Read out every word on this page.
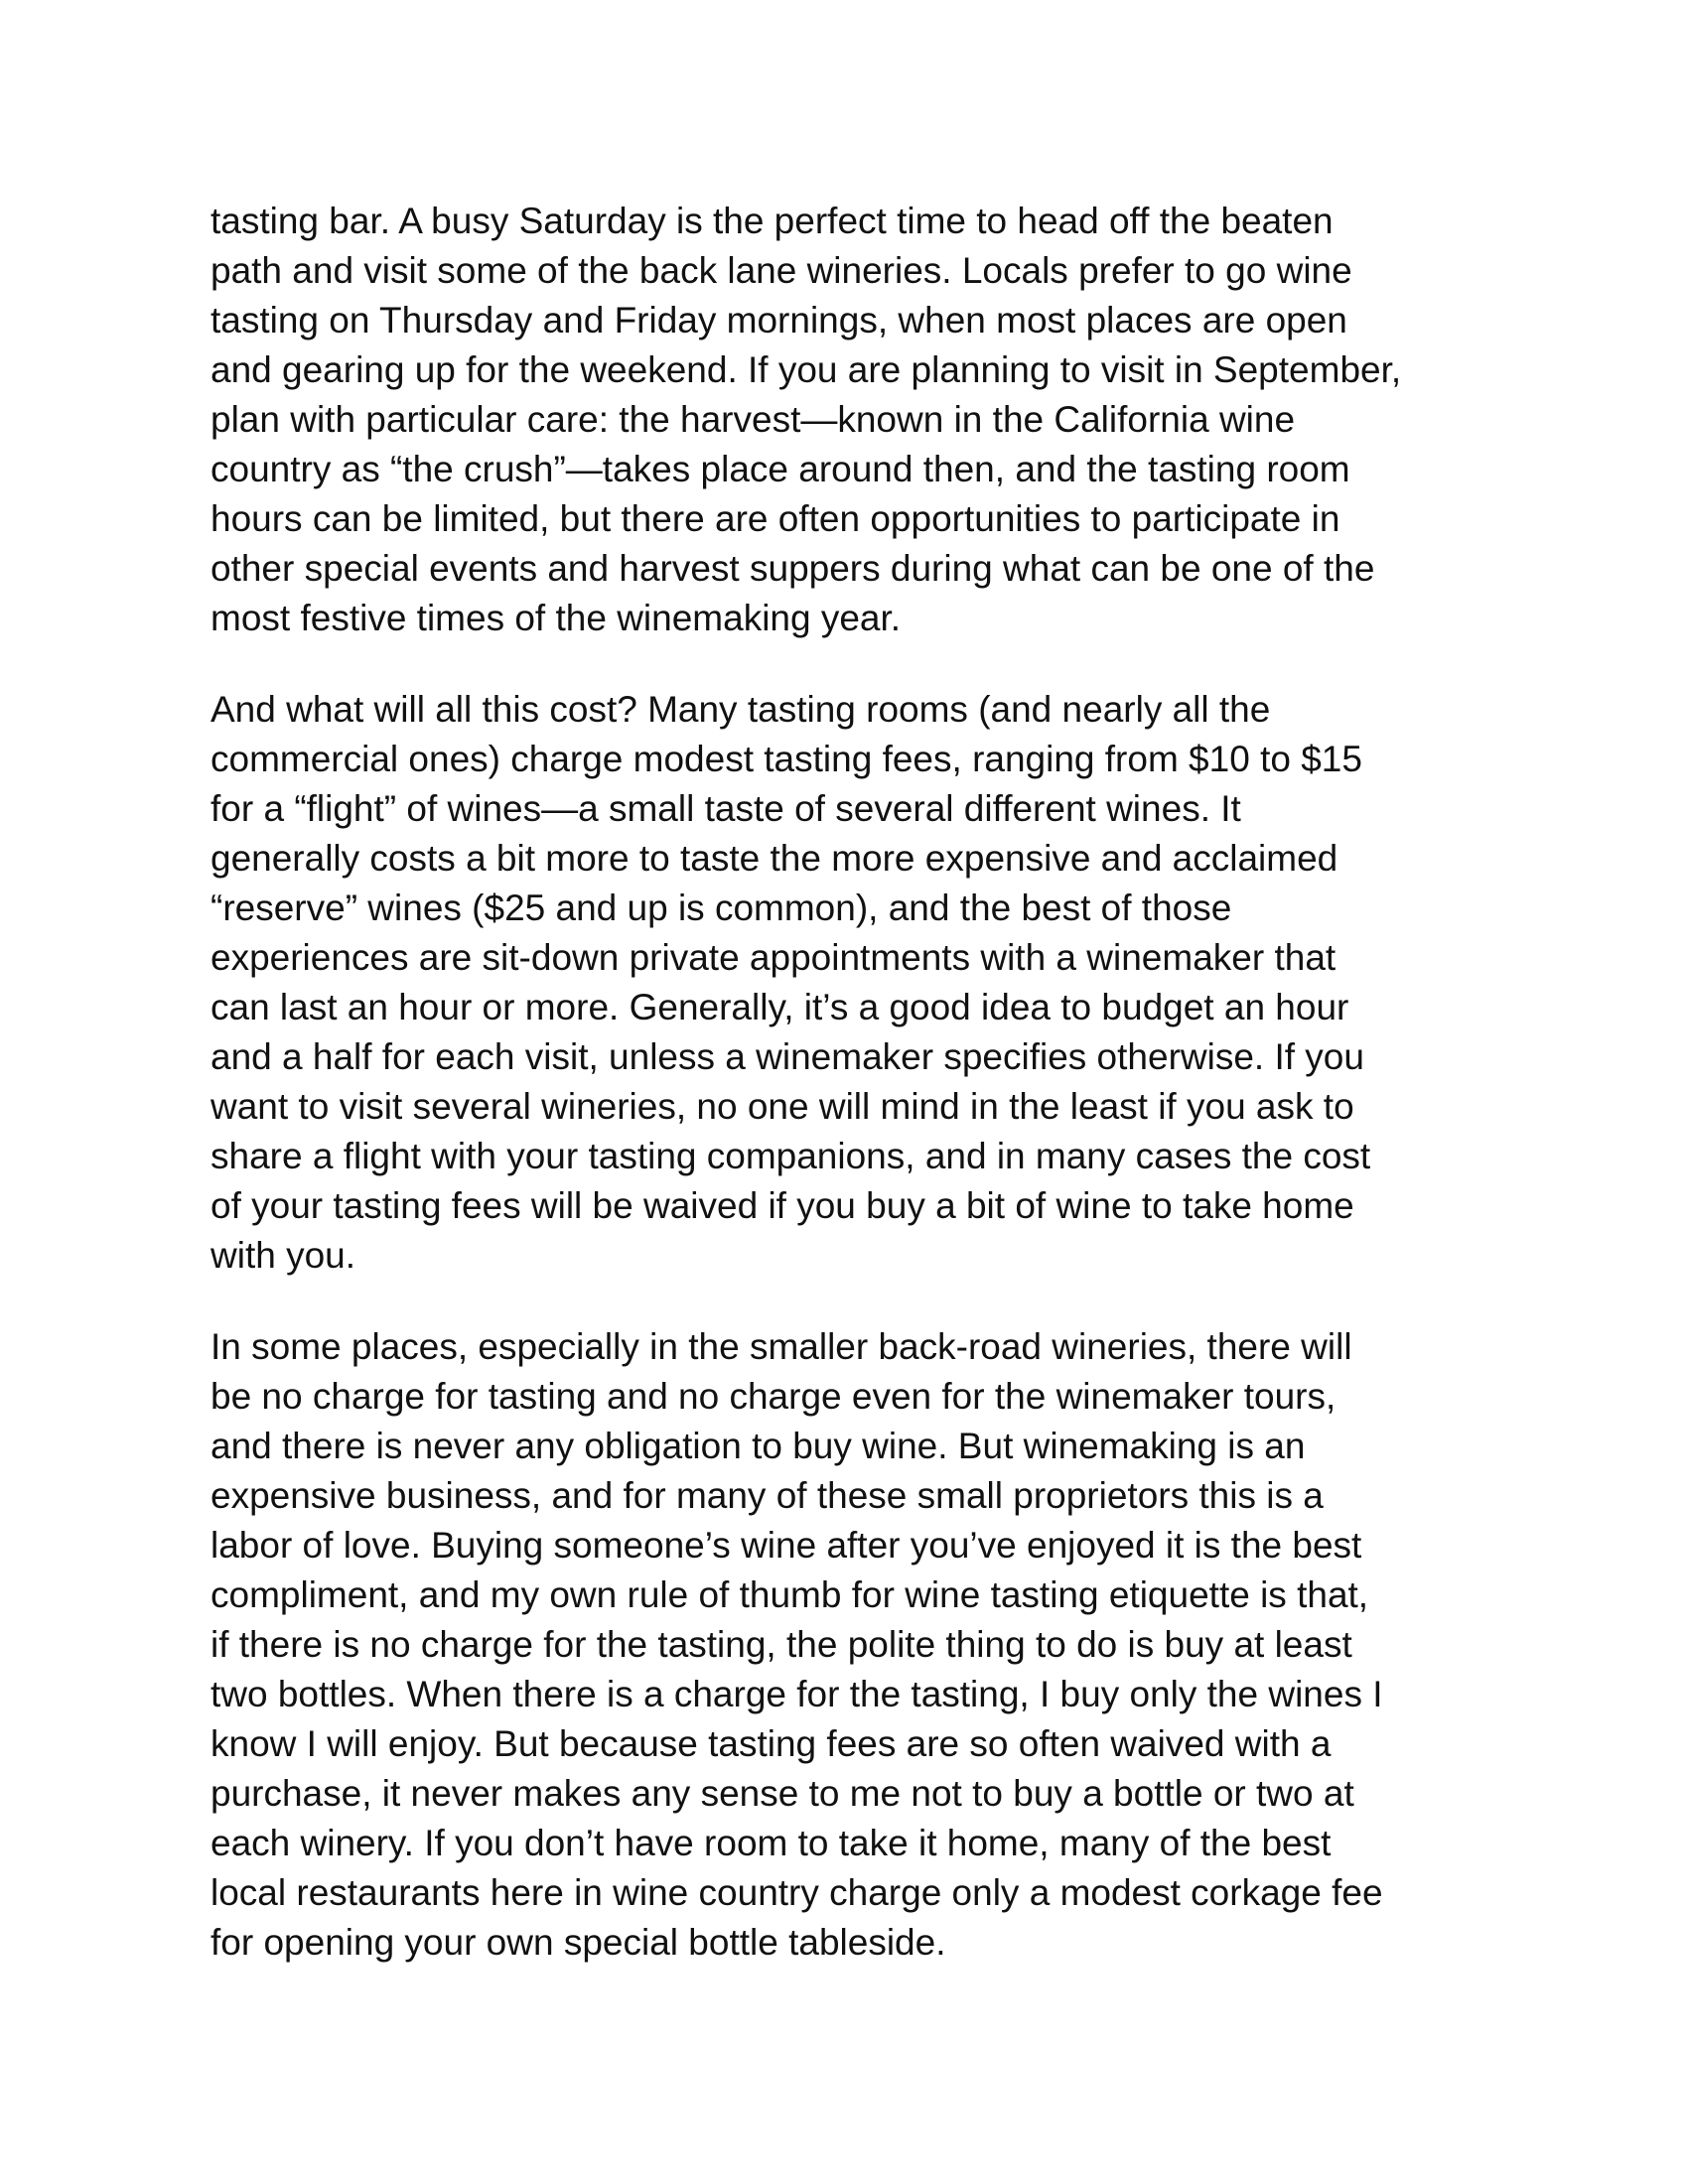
tasting bar. A busy Saturday is the perfect time to head off the beaten
path and visit some of the back lane wineries. Locals prefer to go wine
tasting on Thursday and Friday mornings, when most places are open
and gearing up for the weekend. If you are planning to visit in September,
plan with particular care: the harvest—known in the California wine
country as “the crush”—takes place around then, and the tasting room
hours can be limited, but there are often opportunities to participate in
other special events and harvest suppers during what can be one of the
most festive times of the winemaking year.

And what will all this cost? Many tasting rooms (and nearly all the
commercial ones) charge modest tasting fees, ranging from $10 to $15
for a “flight” of wines—a small taste of several different wines. It
generally costs a bit more to taste the more expensive and acclaimed
“reserve” wines ($25 and up is common), and the best of those
experiences are sit-down private appointments with a winemaker that
can last an hour or more. Generally, it’s a good idea to budget an hour
and a half for each visit, unless a winemaker specifies otherwise. If you
want to visit several wineries, no one will mind in the least if you ask to
share a flight with your tasting companions, and in many cases the cost
of your tasting fees will be waived if you buy a bit of wine to take home
with you.

In some places, especially in the smaller back-road wineries, there will
be no charge for tasting and no charge even for the winemaker tours,
and there is never any obligation to buy wine. But winemaking is an
expensive business, and for many of these small proprietors this is a
labor of love. Buying someone’s wine after you’ve enjoyed it is the best
compliment, and my own rule of thumb for wine tasting etiquette is that,
if there is no charge for the tasting, the polite thing to do is buy at least
two bottles. When there is a charge for the tasting, I buy only the wines I
know I will enjoy. But because tasting fees are so often waived with a
purchase, it never makes any sense to me not to buy a bottle or two at
each winery. If you don’t have room to take it home, many of the best
local restaurants here in wine country charge only a modest corkage fee
for opening your own special bottle tableside.
